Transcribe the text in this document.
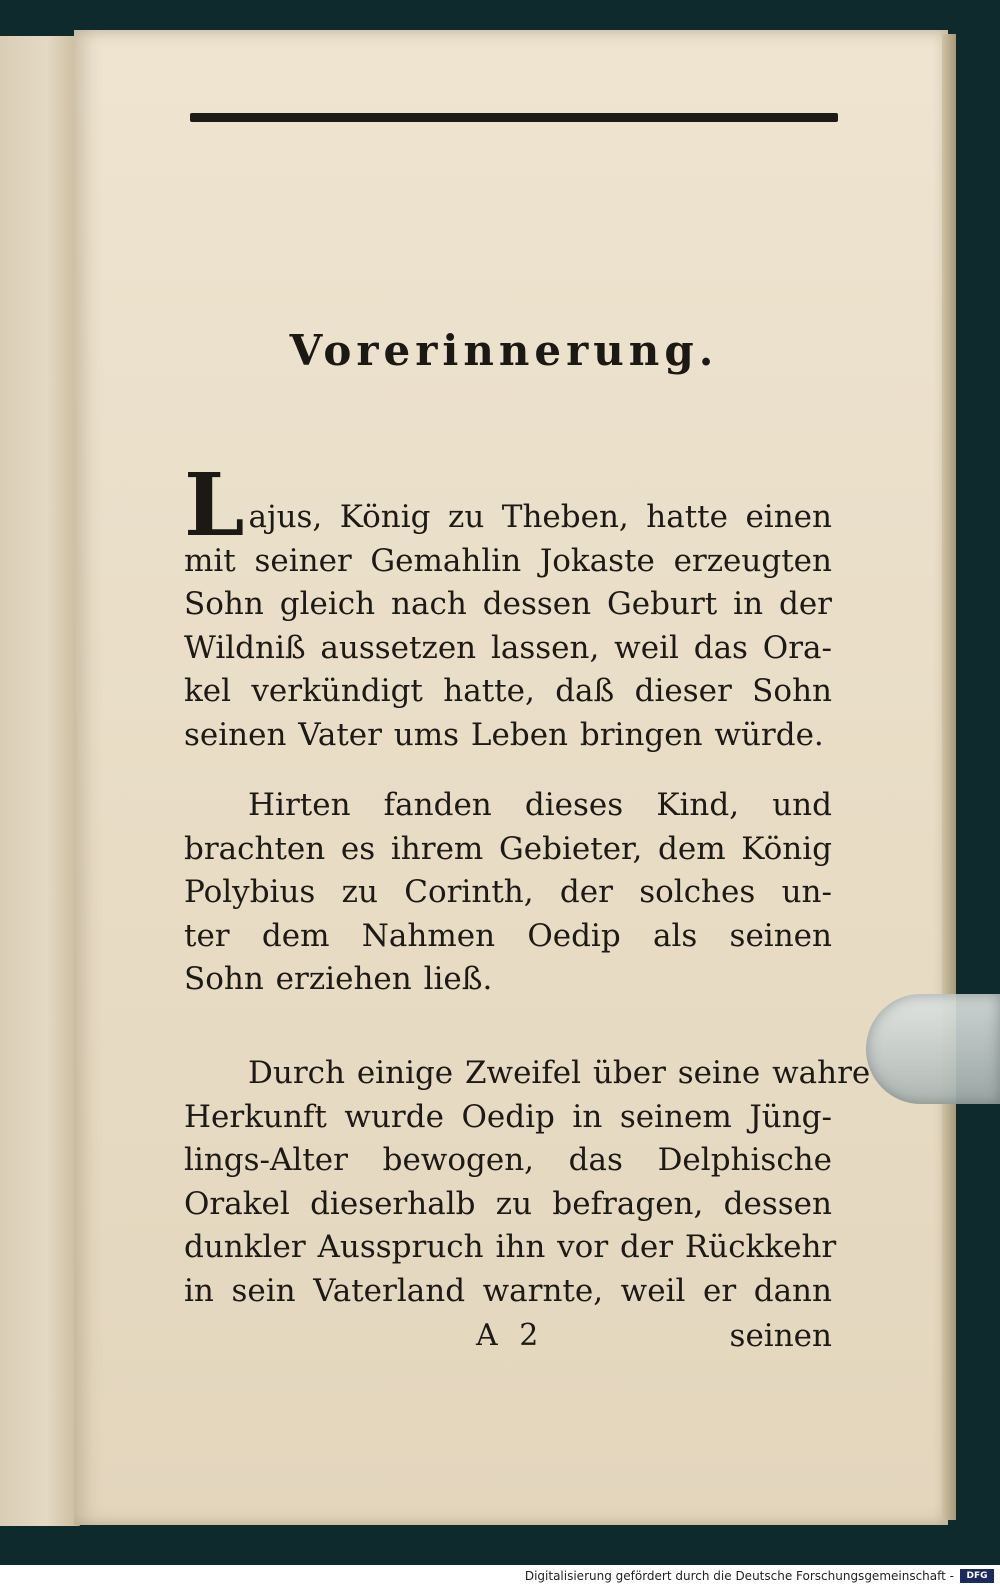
Vorerinnerung.
Lajus, König zu Theben, hatte einen
mit seiner Gemahlin Jokaste erzeugten
Sohn gleich nach dessen Geburt in der
Wildniß aussetzen lassen, weil das Ora-
kel verkündigt hatte, daß dieser Sohn
seinen Vater ums Leben bringen würde.
Hirten fanden dieses Kind, und
brachten es ihrem Gebieter, dem König
Polybius zu Corinth, der solches un-
ter dem Nahmen Oedip als seinen
Sohn erziehen ließ.
Durch einige Zweifel über seine wahre
Herkunft wurde Oedip in seinem Jüng-
lings-Alter bewogen, das Delphische
Orakel dieserhalb zu befragen, dessen
dunkler Ausspruch ihn vor der Rückkehr
in sein Vaterland warnte, weil er dann
A 2	seinen

Digitalisierung gefördert durch die Deutsche Forschungsgemeinschaft -	DFG
